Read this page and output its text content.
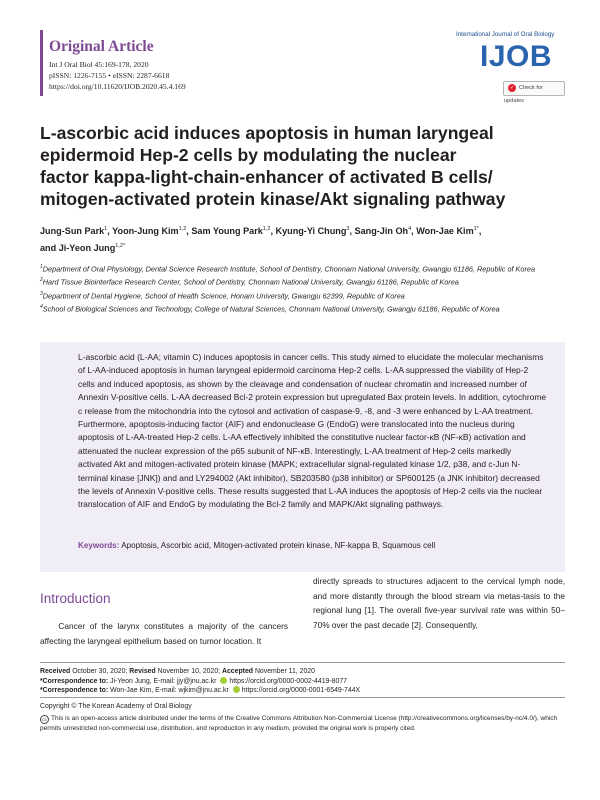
Original Article
Int J Oral Biol 45:169-178, 2020
pISSN: 1226-7155 • eISSN: 2287-6618
https://doi.org/10.11620/IJOB.2020.45.4.169
International Journal of Oral Biology
IJOB
✓ Check for updates
L-ascorbic acid induces apoptosis in human laryngeal
epidermoid Hep-2 cells by modulating the nuclear
factor kappa-light-chain-enhancer of activated B cells/
mitogen-activated protein kinase/Akt signaling pathway
Jung-Sun Park$^1$, Yoon-Jung Kim$^{1,2}$, Sam Young Park$^{1,2}$, Kyung-Yi Chung$^3$, Sang-Jin Oh$^4$, Won-Jae Kim$^{1*}$,
and Ji-Yeon Jung$^{1,2*}$
$^1$Department of Oral Physiology, Dental Science Research Institute, School of Dentistry, Chonnam National University, Gwangju 61186, Republic of Korea
$^2$Hard Tissue Biointerface Research Center, School of Dentistry, Chonnam National University, Gwangju 61186, Republic of Korea
$^3$Department of Dental Hygiene, School of Health Science, Honam University, Gwangju 62399, Republic of Korea
$^4$School of Biological Sciences and Technology, College of Natural Sciences, Chonnam National University, Gwangju 61186, Republic of Korea

L-ascorbic acid (L-AA; vitamin C) induces apoptosis in cancer cells. This study aimed to elucidate the molecular mechanisms of L-AA-induced apoptosis in human laryngeal epidermoid carcinoma Hep-2 cells. L-AA suppressed the viability of Hep-2 cells and induced apoptosis, as shown by the cleavage and condensation of nuclear chromatin and increased number of Annexin V-positive cells. L-AA decreased Bcl-2 protein expression but upregulated Bax protein levels. In addition, cytochrome c release from the mitochondria into the cytosol and activation of caspase-9, -8, and -3 were enhanced by L-AA treatment. Furthermore, apoptosis-inducing factor (AIF) and endonuclease G (EndoG) were translocated into the nucleus during apoptosis of L-AA-treated Hep-2 cells. L-AA effectively inhibited the constitutive nuclear factor-κB (NF-κB) activation and attenuated the nuclear expression of the p65 subunit of NF-κB. Interestingly, L-AA treatment of Hep-2 cells markedly activated Akt and mitogen-activated protein kinase (MAPK; extracellular signal-regulated kinase 1/2, p38, and c-Jun N-terminal kinase [JNK]) and and LY294002 (Akt inhibitor), SB203580 (p38 inhibitor) or SP600125 (a JNK inhibitor) decreased the levels of Annexin V-positive cells. These results suggested that L-AA induces the apoptosis of Hep-2 cells via the nuclear translocation of AIF and EndoG by modulating the Bcl-2 family and MAPK/Akt signaling pathways.

Keywords: Apoptosis, Ascorbic acid, Mitogen-activated protein kinase, NF-kappa B, Squamous cell
Introduction
Cancer of the larynx constitutes a majority of the cancers affecting the laryngeal epithelium based on tumor location. It
directly spreads to structures adjacent to the cervical lymph node, and more distantly through the blood stream via metas-tasis to the regional lung [1]. The overall five-year survival rate was within 50–70% over the past decade [2]. Consequently,
Received October 30, 2020; Revised November 10, 2020; Accepted November 11, 2020
*Correspondence to: Ji-Yeon Jung, E-mail: jjy@jnu.ac.kr https://orcid.org/0000-0002-4419-8077
*Correspondence to: Won-Jae Kim, E-mail: wjkim@jnu.ac.kr https://orcid.org/0000-0001-6549-744X
Copyright © The Korean Academy of Oral Biology
cc This is an open-access article distributed under the terms of the Creative Commons Attribution Non-Commercial License (http://creativecommons.org/licenses/by-nc/4.0/), which permits unrestricted non-commercial use, distribution, and reproduction in any medium, provided the original work is properly cited.
